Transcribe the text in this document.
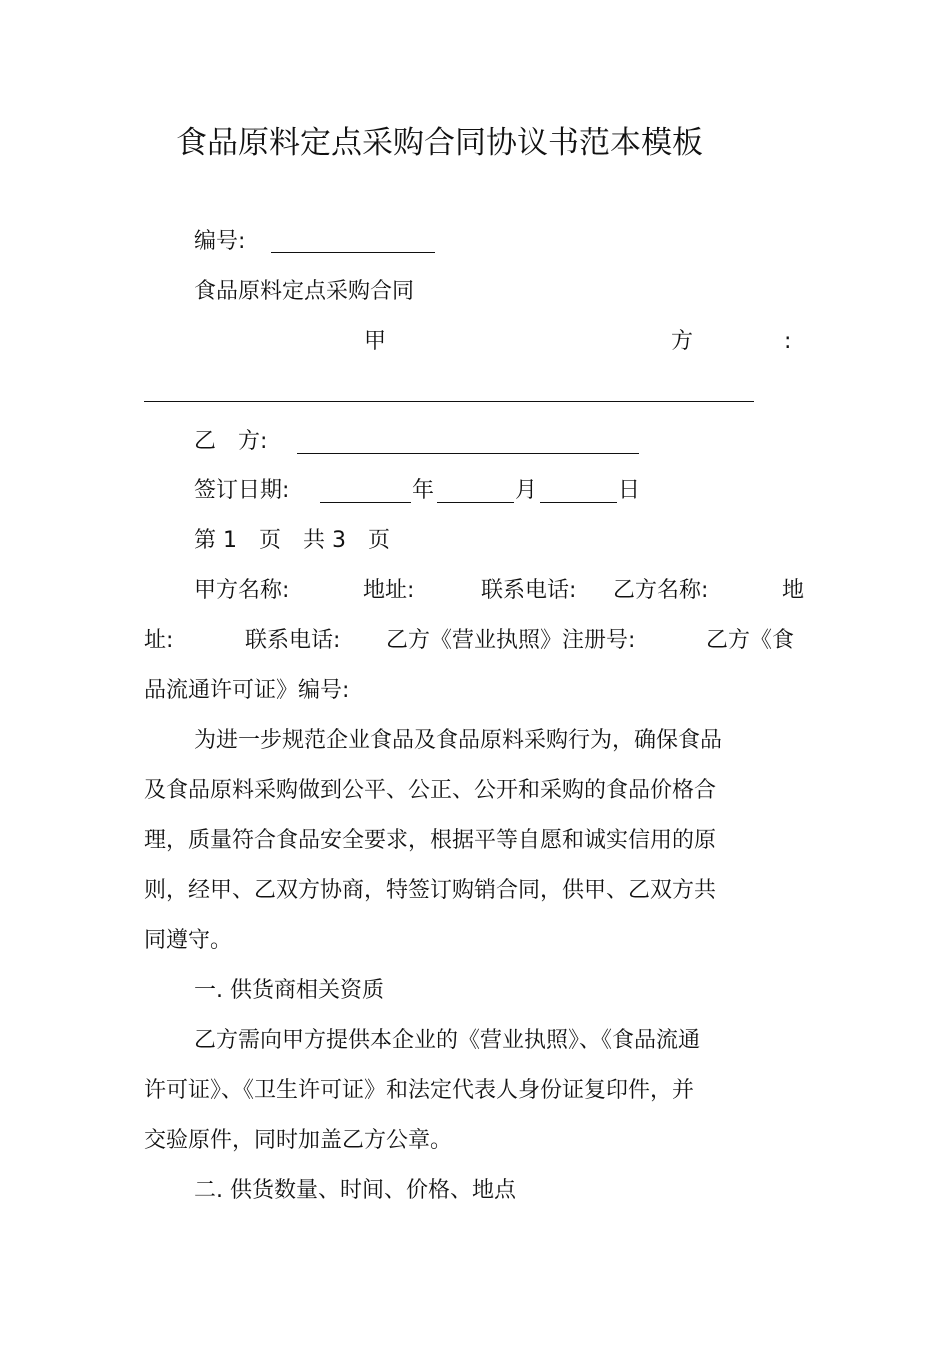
食品原料定点采购合同协议书范本模板
编号:
食品原料定点采购合同
甲	方	:
乙　方:
签订日期:	年	月	日
第 1　页　共 3　页
甲方名称:	地址:	联系电话: 乙方名称:	地
址:	联系电话: 乙方《营业执照》注册号:	乙方《食
品流通许可证》编号:
为进一步规范企业食品及食品原料采购行为，确保食品
及食品原料采购做到公平、公正、公开和采购的食品价格合
理，质量符合食品安全要求，根据平等自愿和诚实信用的原
则，经甲、乙双方协商，特签订购销合同，供甲、乙双方共
同遵守。
一. 供货商相关资质
乙方需向甲方提供本企业的《营业执照》、《食品流通
许可证》、《卫生许可证》和法定代表人身份证复印件，并
交验原件，同时加盖乙方公章。
二. 供货数量、时间、价格、地点
